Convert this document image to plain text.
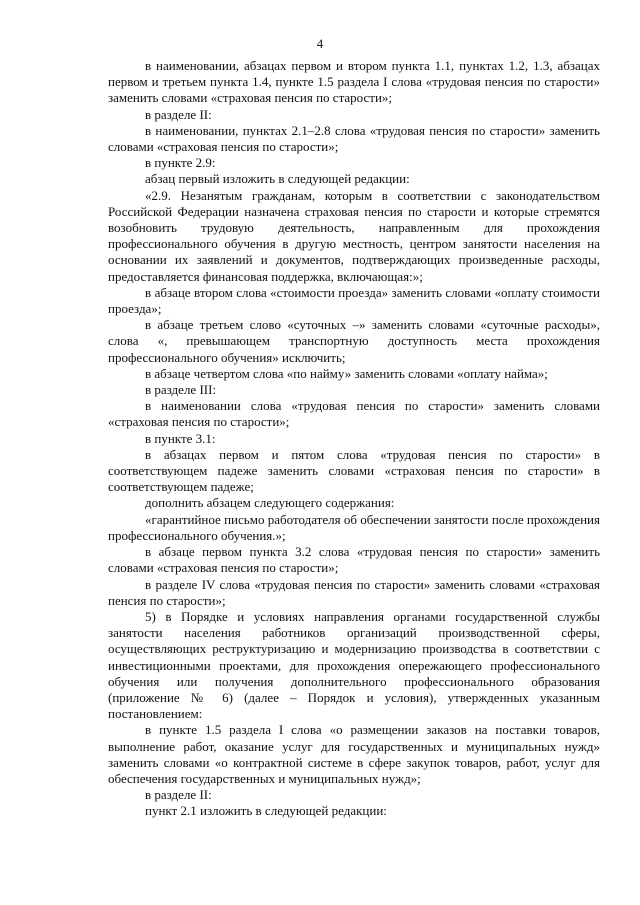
4

в наименовании, абзацах первом и втором пункта 1.1, пунктах 1.2, 1.3, абзацах первом и третьем пункта 1.4, пункте 1.5 раздела I слова «трудовая пенсия по старости» заменить словами «страховая пенсия по старости»;

в разделе II:

в наименовании, пунктах 2.1–2.8 слова «трудовая пенсия по старости» заменить словами «страховая пенсия по старости»;

в пункте 2.9:

абзац первый изложить в следующей редакции:

«2.9. Незанятым гражданам, которым в соответствии с законодательством Российской Федерации назначена страховая пенсия по старости и которые стремятся возобновить трудовую деятельность, направленным для прохождения профессионального обучения в другую местность, центром занятости населения на основании их заявлений и документов, подтверждающих произведенные расходы, предоставляется финансовая поддержка, включающая:»;

в абзаце втором слова «стоимости проезда» заменить словами «оплату стоимости проезда»;

в абзаце третьем слово «суточных –» заменить словами «суточные расходы», слова «, превышающем транспортную доступность места прохождения профессионального обучения» исключить;

в абзаце четвертом слова «по найму» заменить словами «оплату найма»;

в разделе III:

в наименовании слова «трудовая пенсия по старости» заменить словами «страховая пенсия по старости»;

в пункте 3.1:

в абзацах первом и пятом слова «трудовая пенсия по старости» в соответствующем падеже заменить словами «страховая пенсия по старости» в соответствующем падеже;

дополнить абзацем следующего содержания:

«гарантийное письмо работодателя об обеспечении занятости после прохождения профессионального обучения.»;

в абзаце первом пункта 3.2 слова «трудовая пенсия по старости» заменить словами «страховая пенсия по старости»;

в разделе IV слова «трудовая пенсия по старости» заменить словами «страховая пенсия по старости»;

5) в Порядке и условиях направления органами государственной службы занятости населения работников организаций производственной сферы, осуществляющих реструктуризацию и модернизацию производства в соответствии с инвестиционными проектами, для прохождения опережающего профессионального обучения или получения дополнительного профессионального образования (приложение № 6) (далее – Порядок и условия), утвержденных указанным постановлением:

в пункте 1.5 раздела I слова «о размещении заказов на поставки товаров, выполнение работ, оказание услуг для государственных и муниципальных нужд» заменить словами «о контрактной системе в сфере закупок товаров, работ, услуг для обеспечения государственных и муниципальных нужд»;

в разделе II:

пункт 2.1 изложить в следующей редакции:
